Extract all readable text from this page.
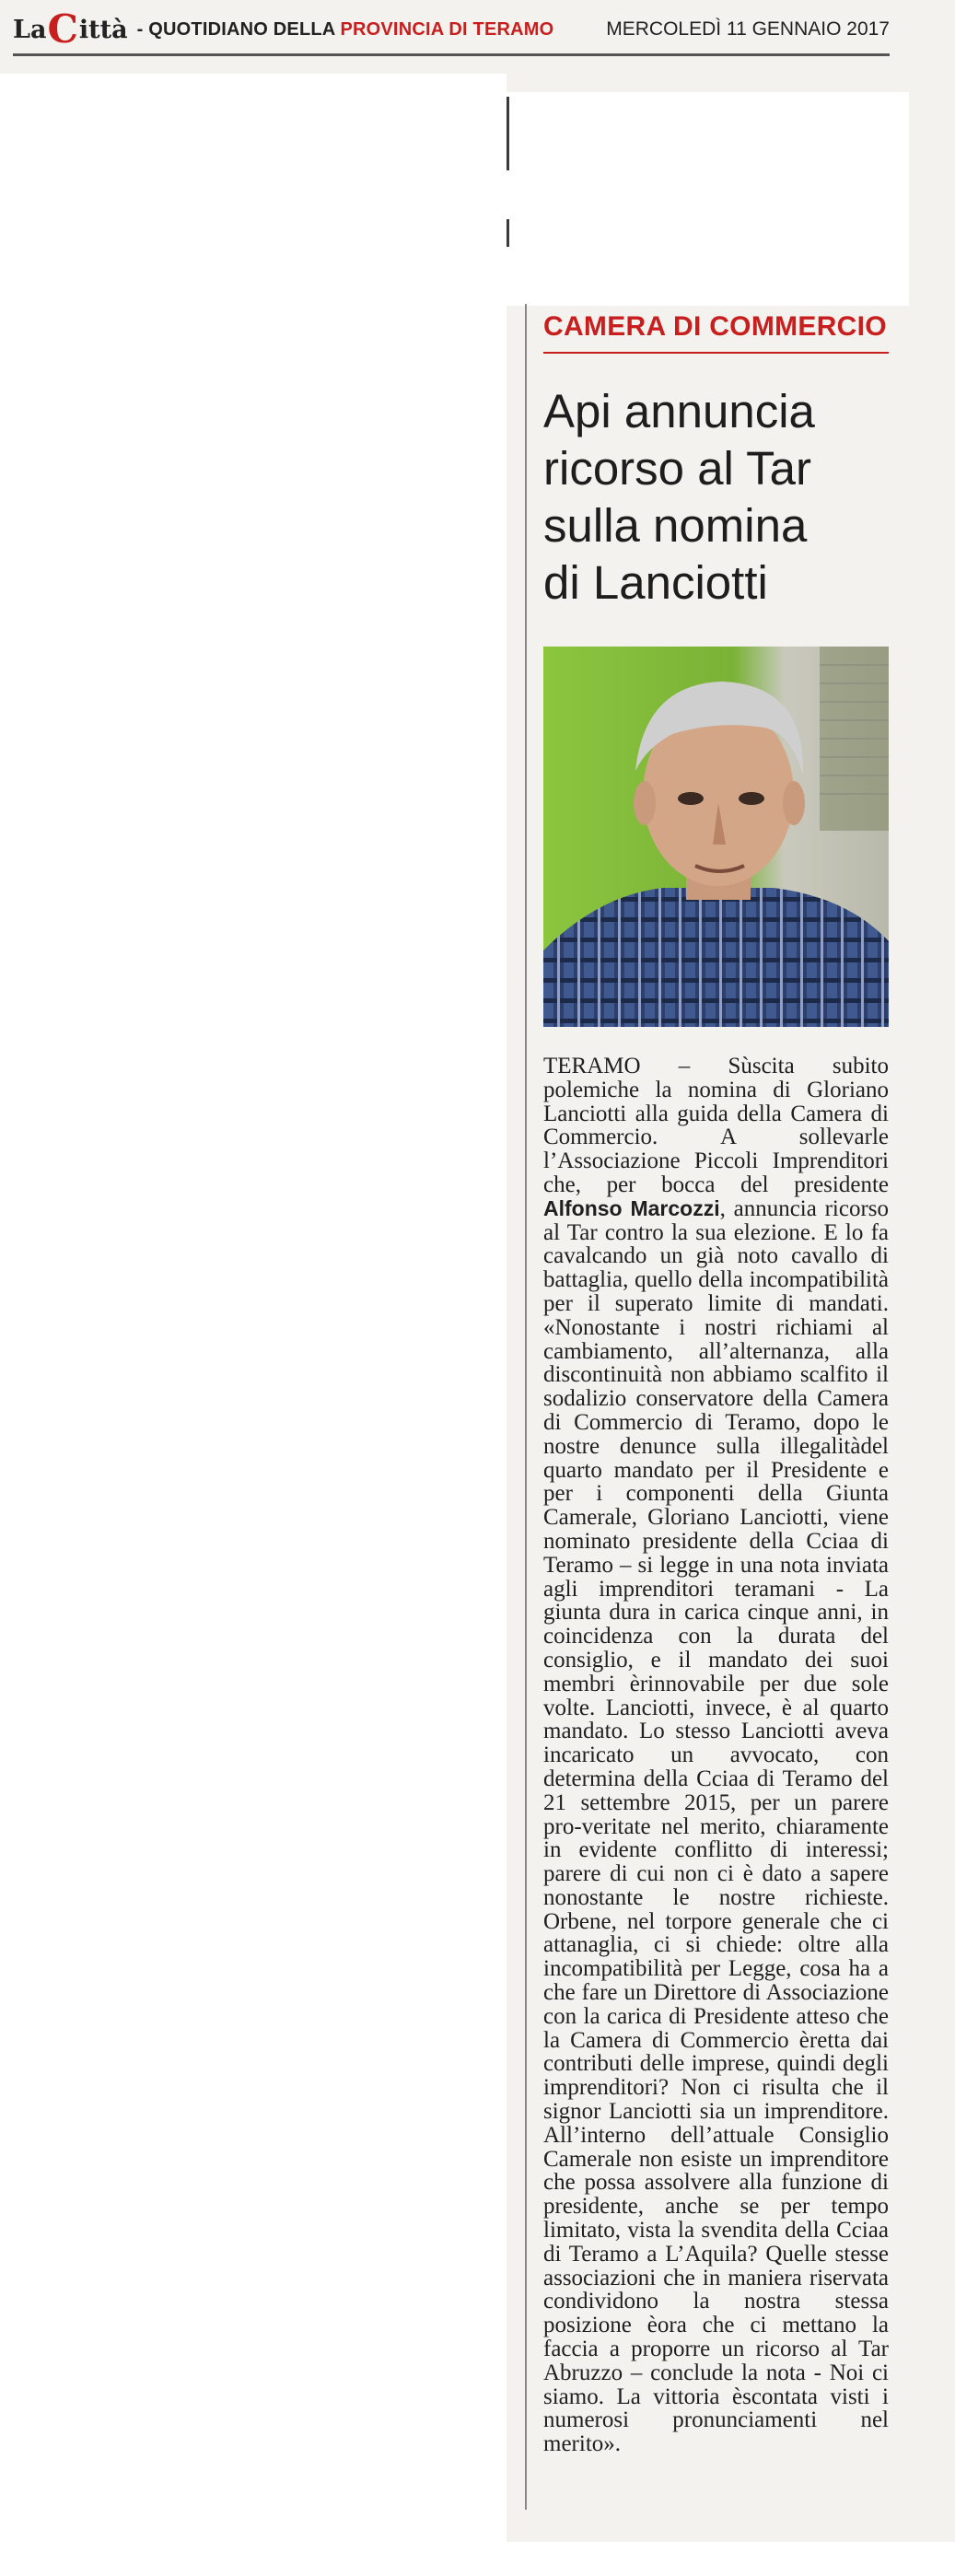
La C ittà - QUOTIDIANO DELLA PROVINCIA DI TERAMO	MERCOLEDÌ 11 GENNAIO 2017
CAMERA DI COMMERCIO
Api annuncia
ricorso al Tar
sulla nomina
di Lanciotti
TERAMO – Sùscita subito polemiche la nomina di Gloriano Lanciotti alla guida della Camera di Commercio. A sollevarle l’Associazione Piccoli Imprenditori che, per bocca del presidente Alfonso Marcozzi, annuncia ricorso al Tar contro la sua elezione. E lo fa cavalcando un già noto cavallo di battaglia, quello della incompatibilità per il superato limite di mandati. «Nonostante i nostri richiami al cambiamento, all’alternanza, alla discontinuità non abbiamo scalfito il sodalizio conservatore della Camera di Commercio di Teramo, dopo le nostre denunce sulla illegalitàdel quarto mandato per il Presidente e per i componenti della Giunta Camerale, Gloriano Lanciotti, viene nominato presidente della Cciaa di Teramo – si legge in una nota inviata agli imprenditori teramani - La giunta dura in carica cinque anni, in coincidenza con la durata del consiglio, e il mandato dei suoi membri èrinnovabile per due sole volte. Lanciotti, invece, è al quarto mandato. Lo stesso Lanciotti aveva incaricato un avvocato, con determina della Cciaa di Teramo del 21 settembre 2015, per un parere pro-veritate nel merito, chiaramente in evidente conflitto di interessi; parere di cui non ci è dato a sapere nonostante le nostre richieste. Orbene, nel torpore generale che ci attanaglia, ci si chiede: oltre alla incompatibilità per Legge, cosa ha a che fare un Direttore di Associazione con la carica di Presidente atteso che la Camera di Commercio èretta dai contributi delle imprese, quindi degli imprenditori? Non ci risulta che il signor Lanciotti sia un imprenditore. All’interno dell’attuale Consiglio Camerale non esiste un imprenditore che possa assolvere alla funzione di presidente, anche se per tempo limitato, vista la svendita della Cciaa di Teramo a L’Aquila? Quelle stesse associazioni che in maniera riservata condividono la nostra stessa posizione èora che ci mettano la faccia a proporre un ricorso al Tar Abruzzo – conclude la nota - Noi ci siamo. La vittoria èscontata visti i numerosi pronunciamenti nel merito».
